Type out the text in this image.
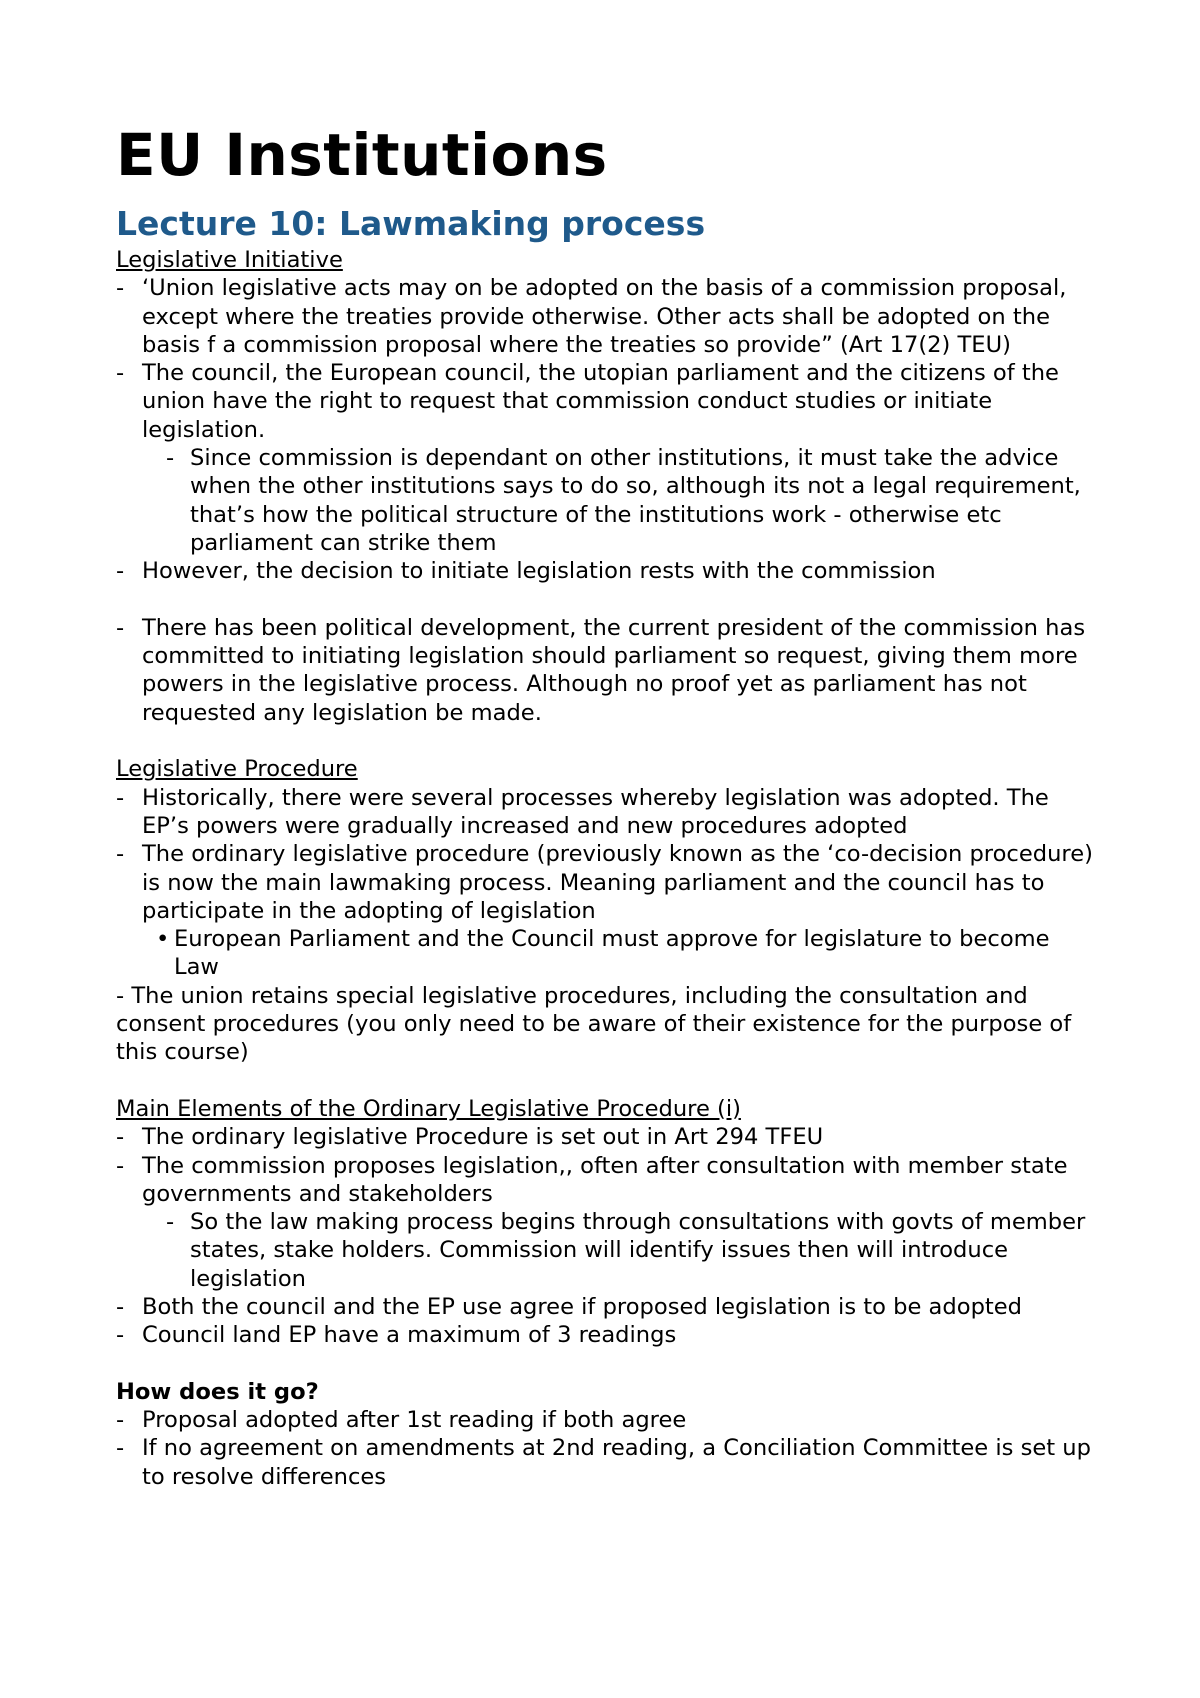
EU Institutions
Lecture 10: Lawmaking process

Legislative Initiative

- ‘Union legislative acts may on be adopted on the basis of a commission proposal, except where the treaties provide otherwise. Other acts shall be adopted on the basis f a commission proposal where the treaties so provide” (Art 17(2) TEU)
- The council, the European council, the utopian parliament and the citizens of the union have the right to request that commission conduct studies or initiate legislation.
- Since commission is dependant on other institutions, it must take the advice when the other institutions says to do so, although its not a legal requirement, that’s how the political structure of the institutions work - otherwise etc parliament can strike them
- However, the decision to initiate legislation rests with the commission
- There has been political development, the current president of the commission has committed to initiating legislation should parliament so request, giving them more powers in the legislative process. Although no proof yet as parliament has not requested any legislation be made.

Legislative Procedure

- Historically, there were several processes whereby legislation was adopted. The EP’s powers were gradually increased and new procedures adopted
- The ordinary legislative procedure (previously known as the ‘co-decision procedure) is now the main lawmaking process. Meaning parliament and the council has to participate in the adopting of legislation
• European Parliament and the Council must approve for legislature to become Law

- The union retains special legislative procedures, including the consultation and consent procedures (you only need to be aware of their existence for the purpose of this course)

Main Elements of the Ordinary Legislative Procedure (i)

- The ordinary legislative Procedure is set out in Art 294 TFEU
- The commission proposes legislation,, often after consultation with member state governments and stakeholders
- So the law making process begins through consultations with govts of member states, stake holders. Commission will identify issues then will introduce legislation
- Both the council and the EP use agree if proposed legislation is to be adopted
- Council land EP have a maximum of 3 readings

How does it go?

- Proposal adopted after 1st reading if both agree
- If no agreement on amendments at 2nd reading, a Conciliation Committee is set up to resolve differences
